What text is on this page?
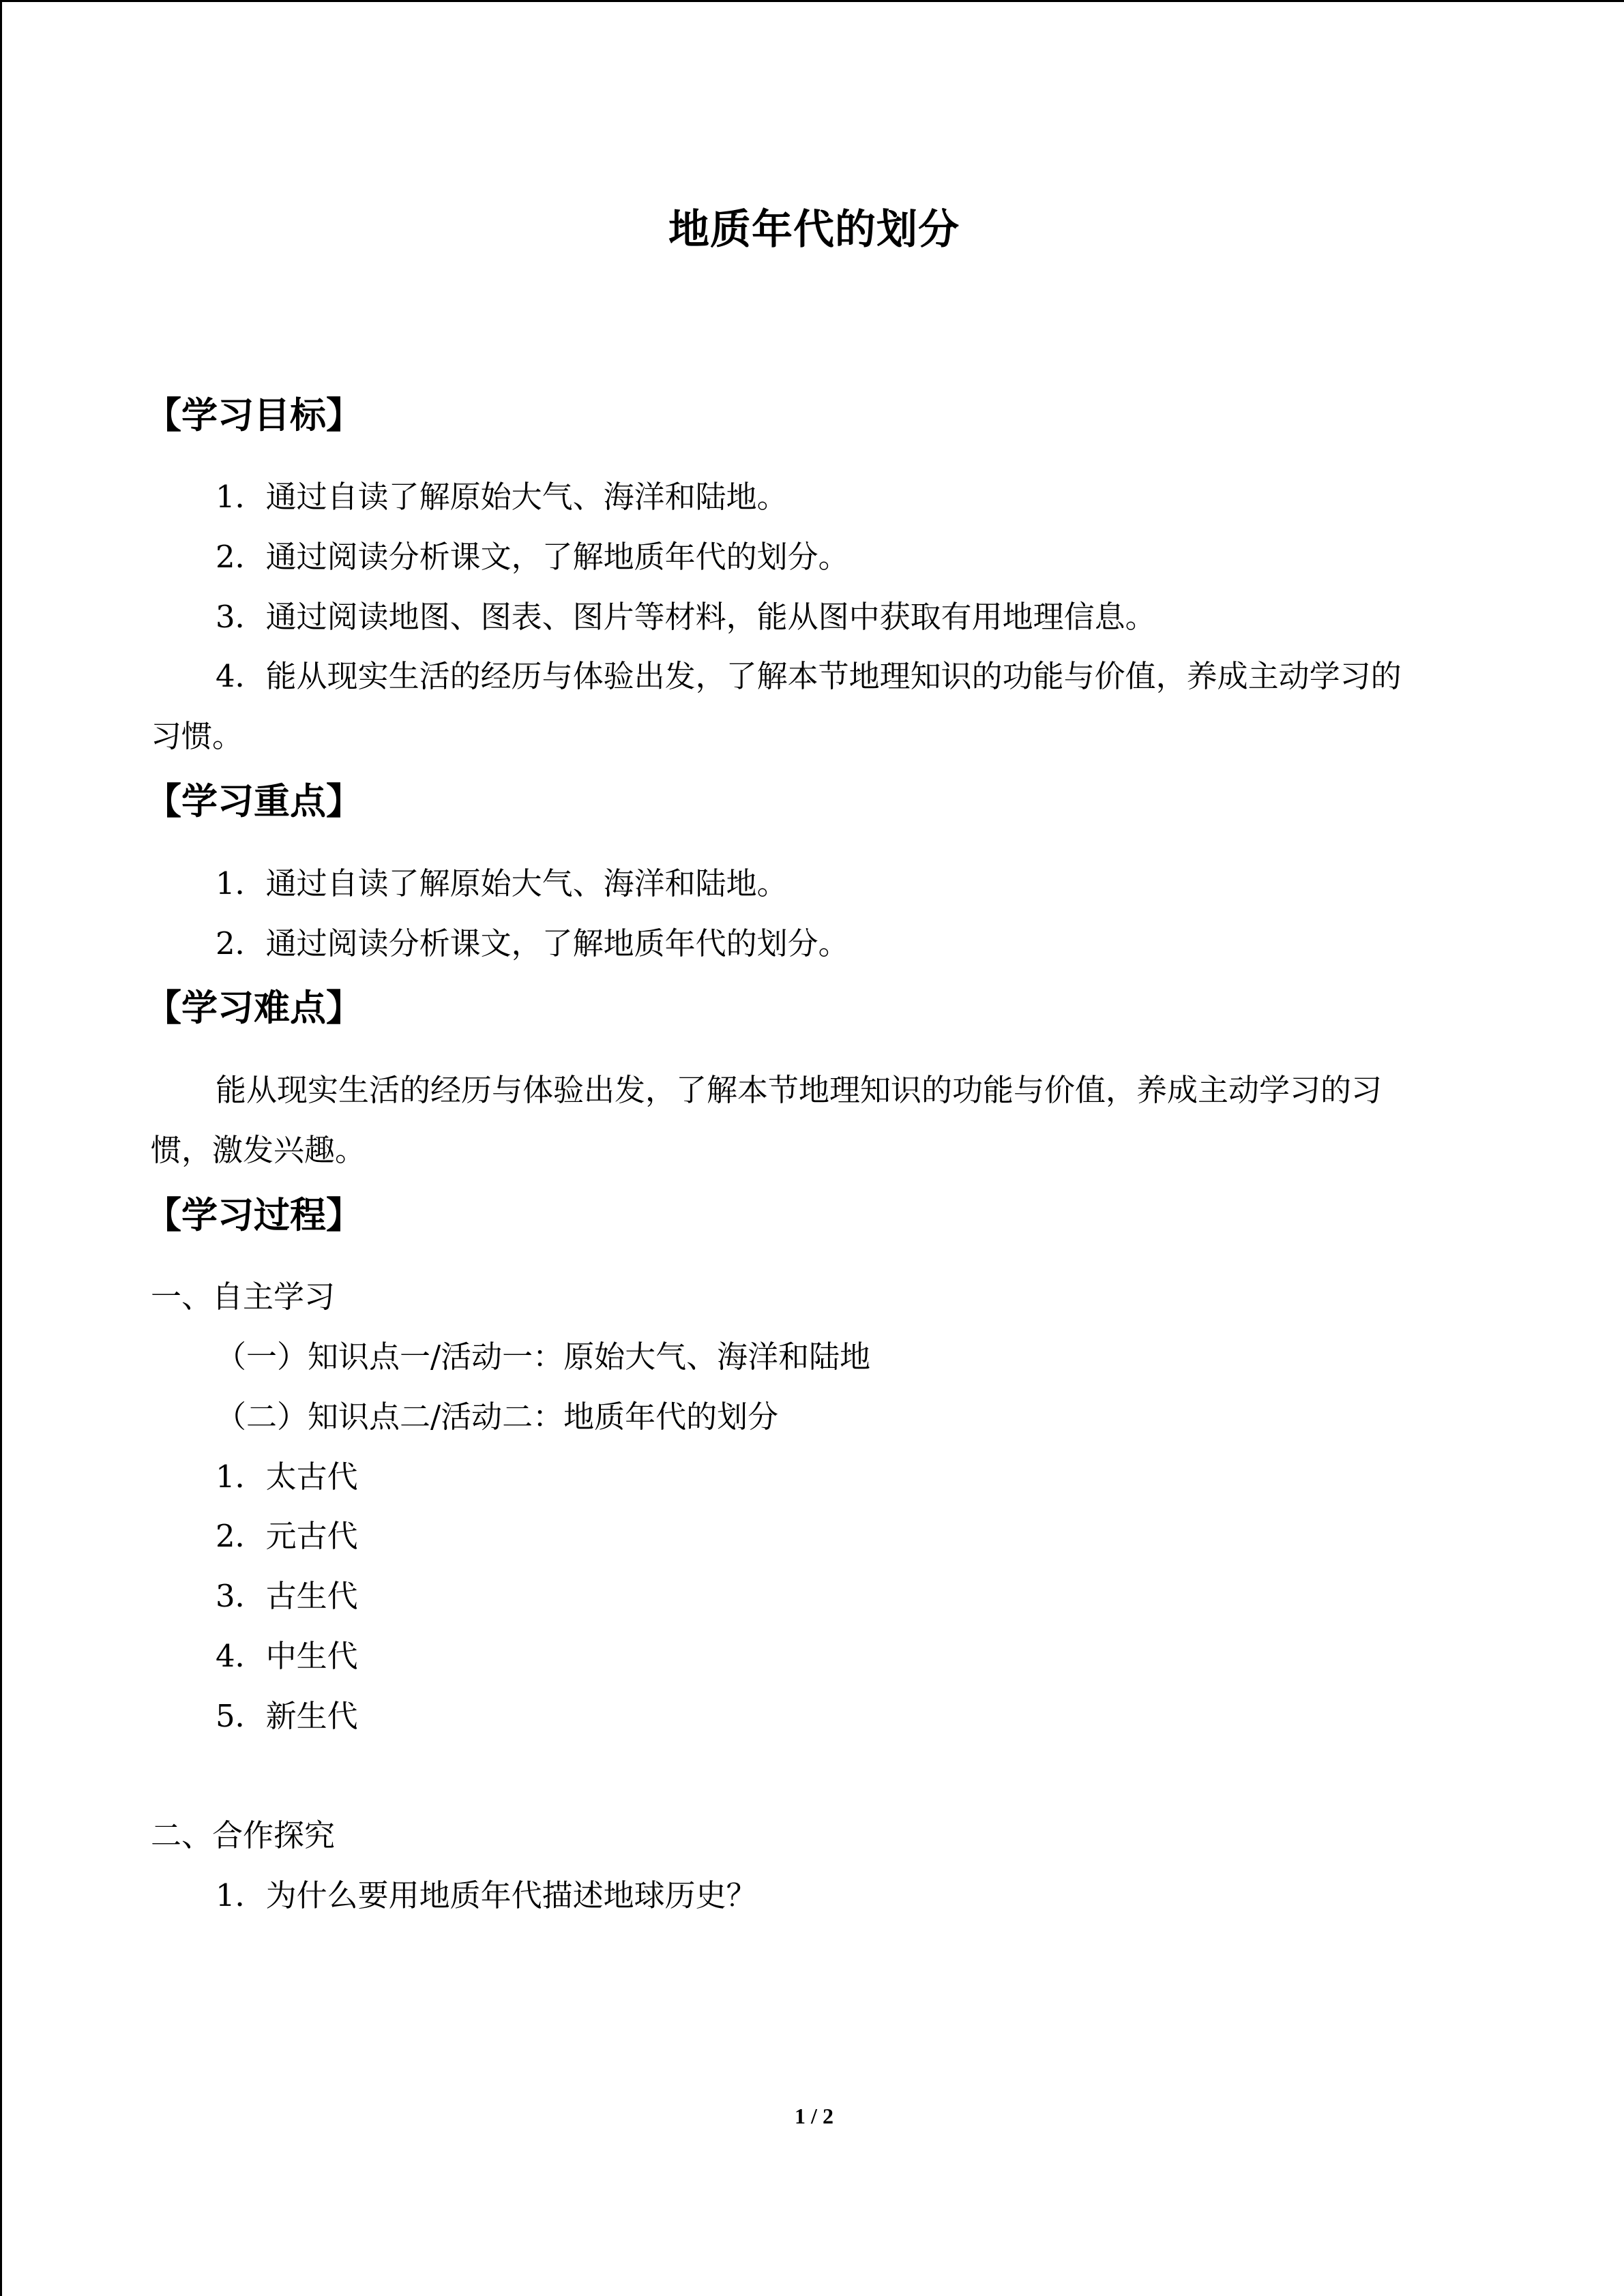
地质年代的划分
【学习目标】
1．通过自读了解原始大气、海洋和陆地。
2．通过阅读分析课文，了解地质年代的划分。
3．通过阅读地图、图表、图片等材料，能从图中获取有用地理信息。
4．能从现实生活的经历与体验出发，了解本节地理知识的功能与价值，养成主动学习的
习惯。
【学习重点】
1．通过自读了解原始大气、海洋和陆地。
2．通过阅读分析课文，了解地质年代的划分。
【学习难点】
能从现实生活的经历与体验出发，了解本节地理知识的功能与价值，养成主动学习的习
惯，激发兴趣。
【学习过程】
一、自主学习
（一）知识点一/活动一：原始大气、海洋和陆地
（二）知识点二/活动二：地质年代的划分
1．太古代
2．元古代
3．古生代
4．中生代
5．新生代
二、合作探究
1．为什么要用地质年代描述地球历史？
1 / 2
